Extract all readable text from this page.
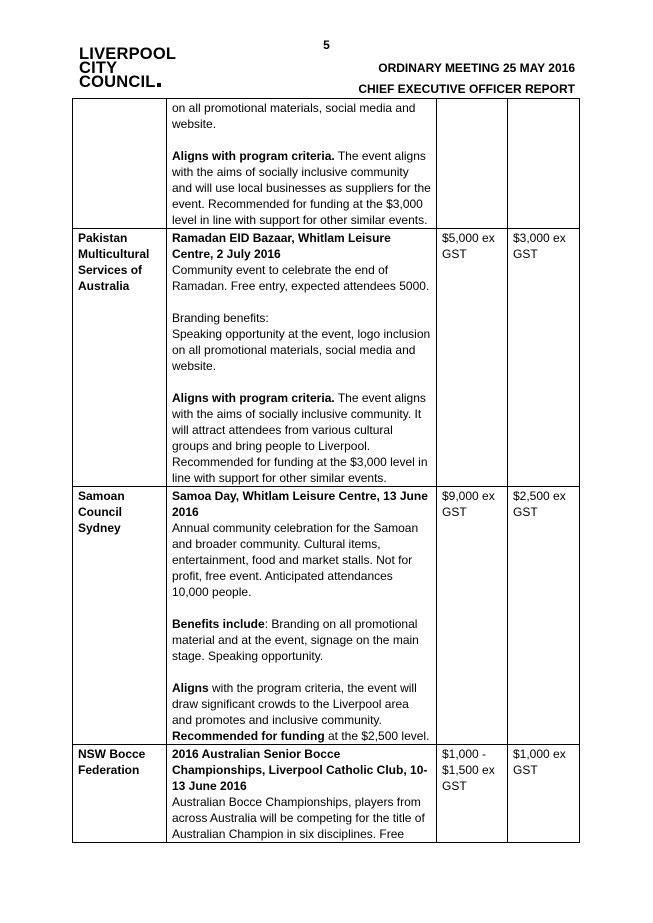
LIVERPOOL
CITY
COUNCIL
5
ORDINARY MEETING 25 MAY 2016
CHIEF EXECUTIVE OFFICER REPORT

	on all promotional materials, social media and website.

Aligns with program criteria. The event aligns with the aims of socially inclusive community and will use local businesses as suppliers for the event. Recommended for funding at the $3,000 level in line with support for other similar events.		

Pakistan Multicultural Services of Australia	Ramadan EID Bazaar, Whitlam Leisure Centre, 2 July 2016

Community event to celebrate the end of Ramadan. Free entry, expected attendees 5000.

Branding benefits:

Speaking opportunity at the event, logo inclusion on all promotional materials, social media and website.

Aligns with program criteria. The event aligns with the aims of socially inclusive community. It will attract attendees from various cultural groups and bring people to Liverpool. Recommended for funding at the $3,000 level in line with support for other similar events.	$5,000 ex GST	$3,000 ex GST
Samoan Council Sydney	Samoa Day, Whitlam Leisure Centre, 13 June 2016

Annual community celebration for the Samoan and broader community. Cultural items, entertainment, food and market stalls. Not for profit, free event. Anticipated attendances 10,000 people.

Benefits include: Branding on all promotional material and at the event, signage on the main stage. Speaking opportunity.

Aligns with the program criteria, the event will draw significant crowds to the Liverpool area and promotes and inclusive community.

Recommended for funding at the $2,500 level.	$9,000 ex GST	$2,500 ex GST
NSW Bocce Federation	2016 Australian Senior Bocce Championships, Liverpool Catholic Club, 10-13 June 2016

Australian Bocce Championships, players from across Australia will be competing for the title of Australian Champion in six disciplines. Free	$1,000 - $1,500 ex GST	$1,000 ex GST
